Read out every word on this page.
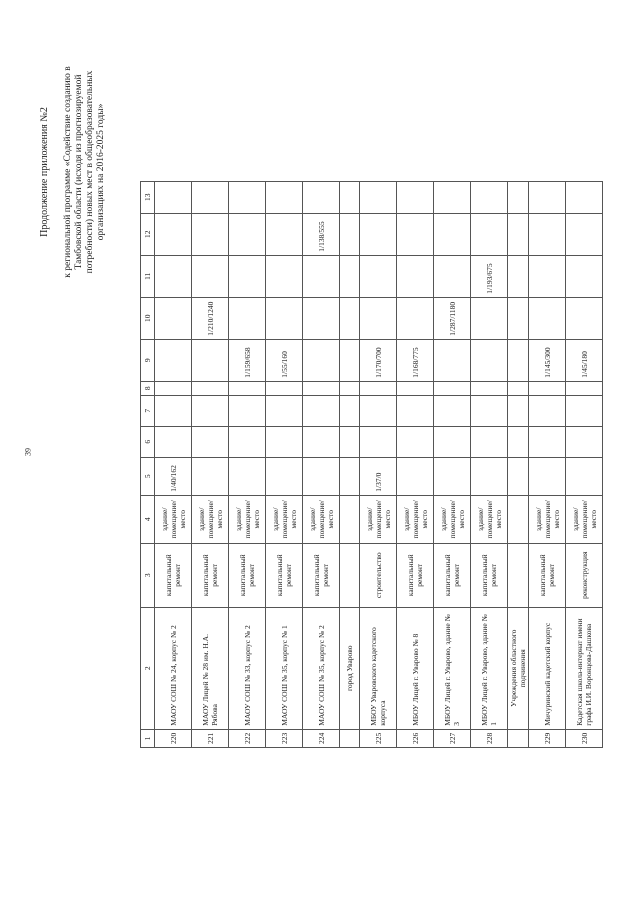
39
Продолжение приложения №2 к региональной программе «Содействие созданию в Тамбовской области (исходя из прогнозируемой потребности) новых мест в общеобразовательных организациях на 2016-2025 годы»
1	2	3	4	5	6	7	8	9	10	11	12	13
220	МАОУ СОШ № 24, корпус № 2	капитальный ремонт	здание/ помещение/ место	1/40/162								
221	МАОУ Лицей № 28 им. Н.А. Рябова	капитальный ремонт	здание/ помещение/ место						1/210/1240			
222	МАОУ СОШ № 33, корпус № 2	капитальный ремонт	здание/ помещение/ место					1/159/658				
223	МАОУ СОШ № 35, корпус № 1	капитальный ремонт	здание/ помещение/ место					1/55/160				
224	МАОУ СОШ № 35, корпус № 2	капитальный ремонт	здание/ помещение/ место								1/138/555	
	город Уварово											
225	МБОУ Уваровского кадетского корпуса	строительство	здание/ помещение/ место	1/37/0				1/170/700				
226	МБОУ Лицей г. Уварово № 8	капитальный ремонт	здание/ помещение/ место					1/168/775				
227	МБОУ Лицей г. Уварово, здание № 3	капитальный ремонт	здание/ помещение/ место						1/287/1180			
228	МБОУ Лицей г. Уварово, здание № 1	капитальный ремонт	здание/ помещение/ место							1/193/675		
	Учреждения областного подчинения											
229	Мичуринский кадетский корпус	капитальный ремонт	здание/ помещение/ место					1/145/300				
230	Кадетская школа-интернат имени графа И.И. Воронцова-Дашкова	реконструкция	здание/ помещение/ место					1/45/180				
